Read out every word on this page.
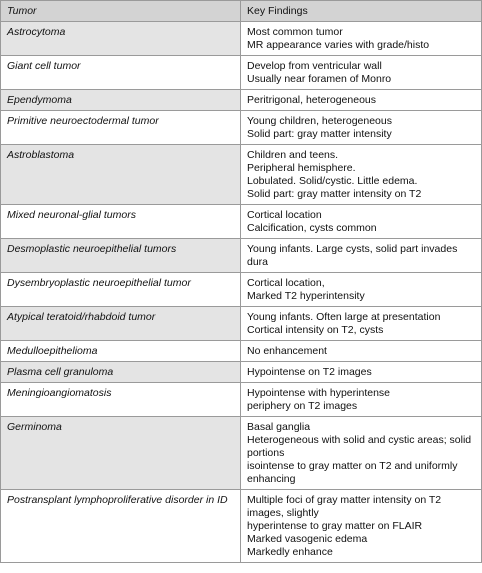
Tumor	Key Findings
Astrocytoma	Most common tumor
MR appearance varies with grade/histo

Giant cell tumor	Develop from ventricular wall
Usually near foramen of Monro

Ependymoma	Peritrigonal, heterogeneous

Primitive neuroectodermal tumor	Young children, heterogeneous
Solid part: gray matter intensity

Astroblastoma	Children and teens.
Peripheral hemisphere.
Lobulated. Solid/cystic. Little edema.
Solid part: gray matter intensity on T2

Mixed neuronal-glial tumors	Cortical location
Calcification, cysts common

Desmoplastic neuroepithelial tumors	Young infants. Large cysts, solid part invades dura

Dysembryoplastic neuroepithelial tumor	Cortical location,
Marked T2 hyperintensity

Atypical teratoid/rhabdoid tumor	Young infants. Often large at presentation
Cortical intensity on T2, cysts

Medulloepithelioma	No enhancement

Plasma cell granuloma	Hypointense on T2 images

Meningioangiomatosis	Hypointense with hyperintense
periphery on T2 images

Germinoma	Basal ganglia
Heterogeneous with solid and cystic areas; solid portions
isointense to gray matter on T2 and uniformly enhancing

Postransplant lymphoproliferative disorder in ID	Multiple foci of gray matter intensity on T2 images, slightly
hyperintense to gray matter on FLAIR
Marked vasogenic edema
Markedly enhance
